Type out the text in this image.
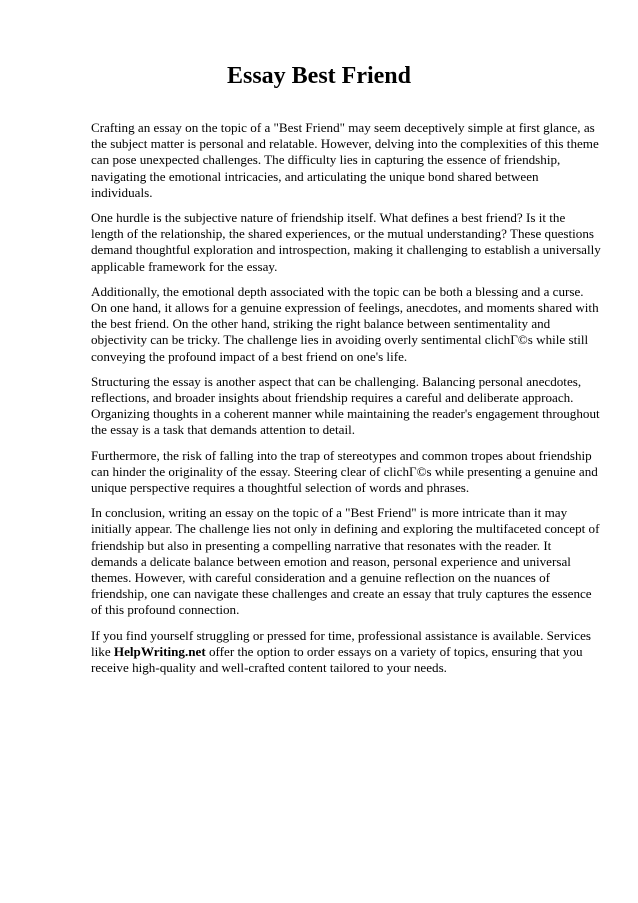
Essay Best Friend

Crafting an essay on the topic of a "Best Friend" may seem deceptively simple at first glance, as the subject matter is personal and relatable. However, delving into the complexities of this theme can pose unexpected challenges. The difficulty lies in capturing the essence of friendship, navigating the emotional intricacies, and articulating the unique bond shared between individuals.

One hurdle is the subjective nature of friendship itself. What defines a best friend? Is it the length of the relationship, the shared experiences, or the mutual understanding? These questions demand thoughtful exploration and introspection, making it challenging to establish a universally applicable framework for the essay.

Additionally, the emotional depth associated with the topic can be both a blessing and a curse. On one hand, it allows for a genuine expression of feelings, anecdotes, and moments shared with the best friend. On the other hand, striking the right balance between sentimentality and objectivity can be tricky. The challenge lies in avoiding overly sentimental clichГ©s while still conveying the profound impact of a best friend on one's life.

Structuring the essay is another aspect that can be challenging. Balancing personal anecdotes, reflections, and broader insights about friendship requires a careful and deliberate approach. Organizing thoughts in a coherent manner while maintaining the reader's engagement throughout the essay is a task that demands attention to detail.

Furthermore, the risk of falling into the trap of stereotypes and common tropes about friendship can hinder the originality of the essay. Steering clear of clichГ©s while presenting a genuine and unique perspective requires a thoughtful selection of words and phrases.

In conclusion, writing an essay on the topic of a "Best Friend" is more intricate than it may initially appear. The challenge lies not only in defining and exploring the multifaceted concept of friendship but also in presenting a compelling narrative that resonates with the reader. It demands a delicate balance between emotion and reason, personal experience and universal themes. However, with careful consideration and a genuine reflection on the nuances of friendship, one can navigate these challenges and create an essay that truly captures the essence of this profound connection.

If you find yourself struggling or pressed for time, professional assistance is available. Services like HelpWriting.net offer the option to order essays on a variety of topics, ensuring that you receive high-quality and well-crafted content tailored to your needs.
